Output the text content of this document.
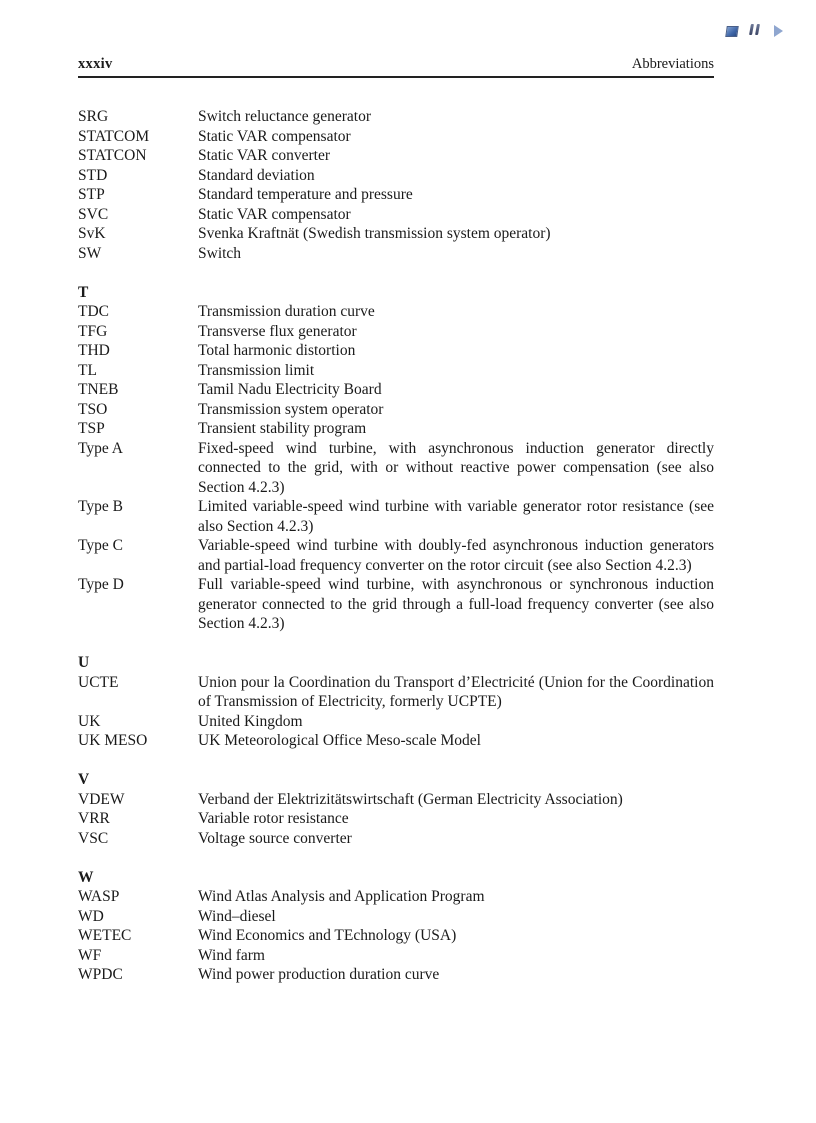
xxxiv	Abbreviations
SRG	Switch reluctance generator
STATCOM	Static VAR compensator
STATCON	Static VAR converter
STD	Standard deviation
STP	Standard temperature and pressure
SVC	Static VAR compensator
SvK	Svenka Kraftnät (Swedish transmission system operator)
SW	Switch
T
TDC	Transmission duration curve
TFG	Transverse flux generator
THD	Total harmonic distortion
TL	Transmission limit
TNEB	Tamil Nadu Electricity Board
TSO	Transmission system operator
TSP	Transient stability program
Type A	Fixed-speed wind turbine, with asynchronous induction generator directly connected to the grid, with or without reactive power compensation (see also Section 4.2.3)
Type B	Limited variable-speed wind turbine with variable generator rotor resistance (see also Section 4.2.3)
Type C	Variable-speed wind turbine with doubly-fed asynchronous induction generators and partial-load frequency converter on the rotor circuit (see also Section 4.2.3)
Type D	Full variable-speed wind turbine, with asynchronous or synchronous induction generator connected to the grid through a full-load frequency converter (see also Section 4.2.3)
U
UCTE	Union pour la Coordination du Transport d’Electricité (Union for the Coordination of Transmission of Electricity, formerly UCPTE)
UK	United Kingdom
UK MESO	UK Meteorological Office Meso-scale Model
V
VDEW	Verband der Elektrizitätswirtschaft (German Electricity Association)
VRR	Variable rotor resistance
VSC	Voltage source converter
W
WASP	Wind Atlas Analysis and Application Program
WD	Wind–diesel
WETEC	Wind Economics and TEchnology (USA)
WF	Wind farm
WPDC	Wind power production duration curve
